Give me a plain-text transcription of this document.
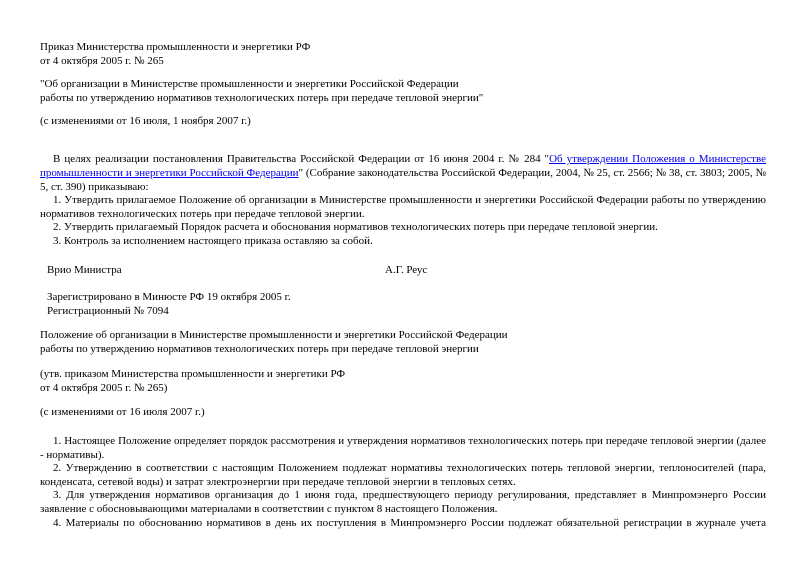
Приказ Министерства промышленности и энергетики РФ
от 4 октября 2005 г. № 265
"Об организации в Министерстве промышленности и энергетики Российской Федерации
работы по утверждению нормативов технологических потерь при передаче тепловой энергии"
(с изменениями от 16 июля, 1 ноября 2007 г.)
В целях реализации постановления Правительства Российской Федерации от 16 июня 2004 г. № 284 "Об утверждении Положения о Министерстве промышленности и энергетики Российской Федерации" (Собрание законодательства Российской Федерации, 2004, № 25, ст. 2566; № 38, ст. 3803; 2005, № 5, ст. 390) приказываю:
1. Утвердить прилагаемое Положение об организации в Министерстве промышленности и энергетики Российской Федерации работы по утверждению нормативов технологических потерь при передаче тепловой энергии.
2. Утвердить прилагаемый Порядок расчета и обоснования нормативов технологических потерь при передаче тепловой энергии.
3. Контроль за исполнением настоящего приказа оставляю за собой.
Врио Министра	А.Г. Реус
Зарегистрировано в Минюсте РФ 19 октября 2005 г.
Регистрационный № 7094
Положение об организации в Министерстве промышленности и энергетики Российской Федерации
работы по утверждению нормативов технологических потерь при передаче тепловой энергии
(утв. приказом Министерства промышленности и энергетики РФ
от 4 октября 2005 г. № 265)
(с изменениями от 16 июля 2007 г.)
1. Настоящее Положение определяет порядок рассмотрения и утверждения нормативов технологических потерь при передаче тепловой энергии (далее - нормативы).
2. Утверждению в соответствии с настоящим Положением подлежат нормативы технологических потерь тепловой энергии, теплоносителей (пара, конденсата, сетевой воды) и затрат электроэнергии при передаче тепловой энергии в тепловых сетях.
3. Для утверждения нормативов организация до 1 июня года, предшествующего периоду регулирования, представляет в Минпромэнерго России заявление с обосновывающими материалами в соответствии с пунктом 8 настоящего Положения.
4. Материалы по обоснованию нормативов в день их поступления в Минпромэнерго России подлежат обязательной регистрации в журнале учета
